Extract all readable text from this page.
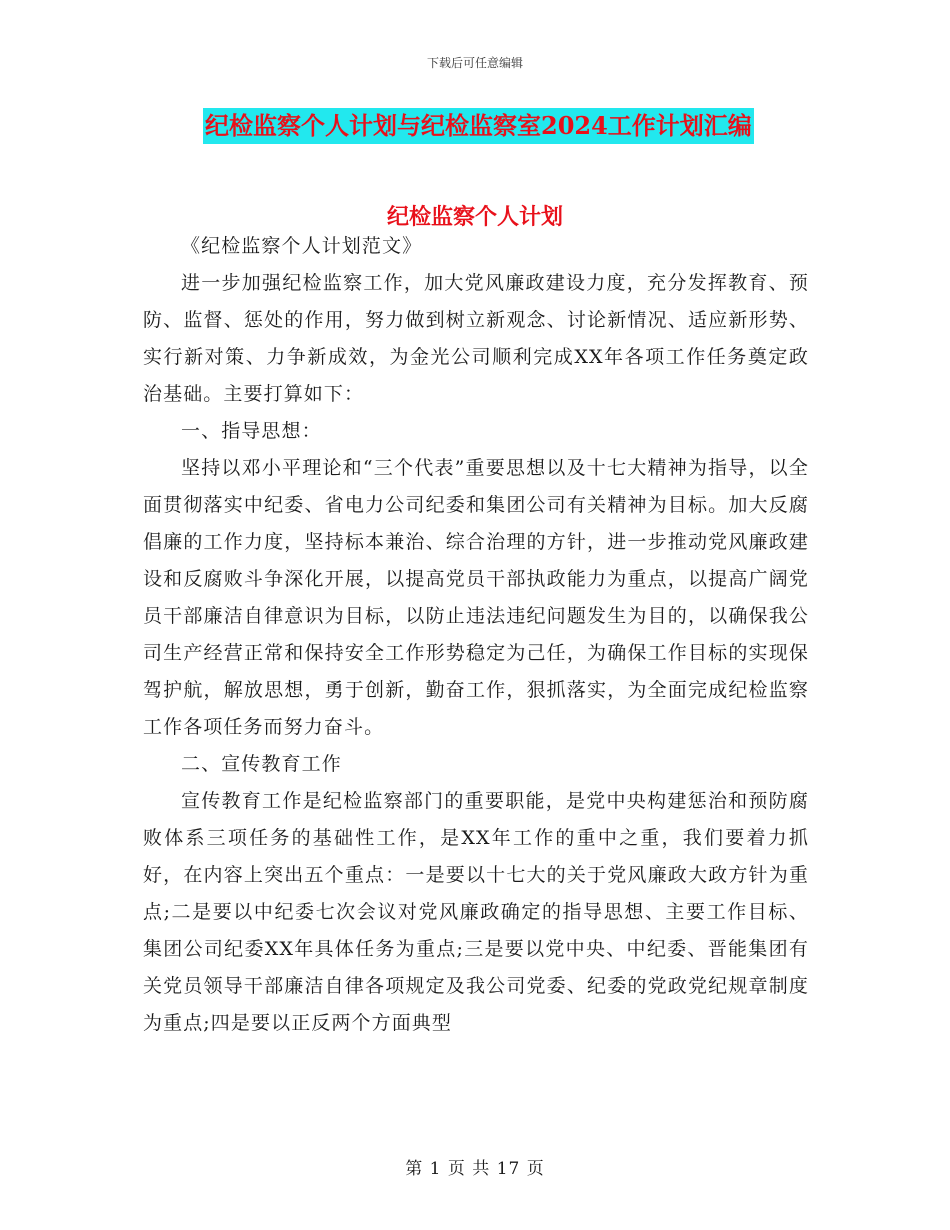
下载后可任意编辑
纪检监察个人计划与纪检监察室2024工作计划汇编
纪检监察个人计划

《纪检监察个人计划范文》

进一步加强纪检监察工作，加大党风廉政建设力度，充分发挥教育、预防、监督、惩处的作用，努力做到树立新观念、讨论新情况、适应新形势、实行新对策、力争新成效，为金光公司顺利完成XX年各项工作任务奠定政治基础。主要打算如下：

一、指导思想：

坚持以邓小平理论和“三个代表”重要思想以及十七大精神为指导，以全面贯彻落实中纪委、省电力公司纪委和集团公司有关精神为目标。加大反腐倡廉的工作力度，坚持标本兼治、综合治理的方针，进一步推动党风廉政建设和反腐败斗争深化开展，以提高党员干部执政能力为重点，以提高广阔党员干部廉洁自律意识为目标，以防止违法违纪问题发生为目的，以确保我公司生产经营正常和保持安全工作形势稳定为己任，为确保工作目标的实现保驾护航，解放思想，勇于创新，勤奋工作，狠抓落实，为全面完成纪检监察工作各项任务而努力奋斗。

二、宣传教育工作

宣传教育工作是纪检监察部门的重要职能，是党中央构建惩治和预防腐败体系三项任务的基础性工作，是XX年工作的重中之重，我们要着力抓好，在内容上突出五个重点：一是要以十七大的关于党风廉政大政方针为重点;二是要以中纪委七次会议对党风廉政确定的指导思想、主要工作目标、集团公司纪委XX年具体任务为重点;三是要以党中央、中纪委、晋能集团有关党员领导干部廉洁自律各项规定及我公司党委、纪委的党政党纪规章制度为重点;四是要以正反两个方面典型

第 1 页 共 17 页
